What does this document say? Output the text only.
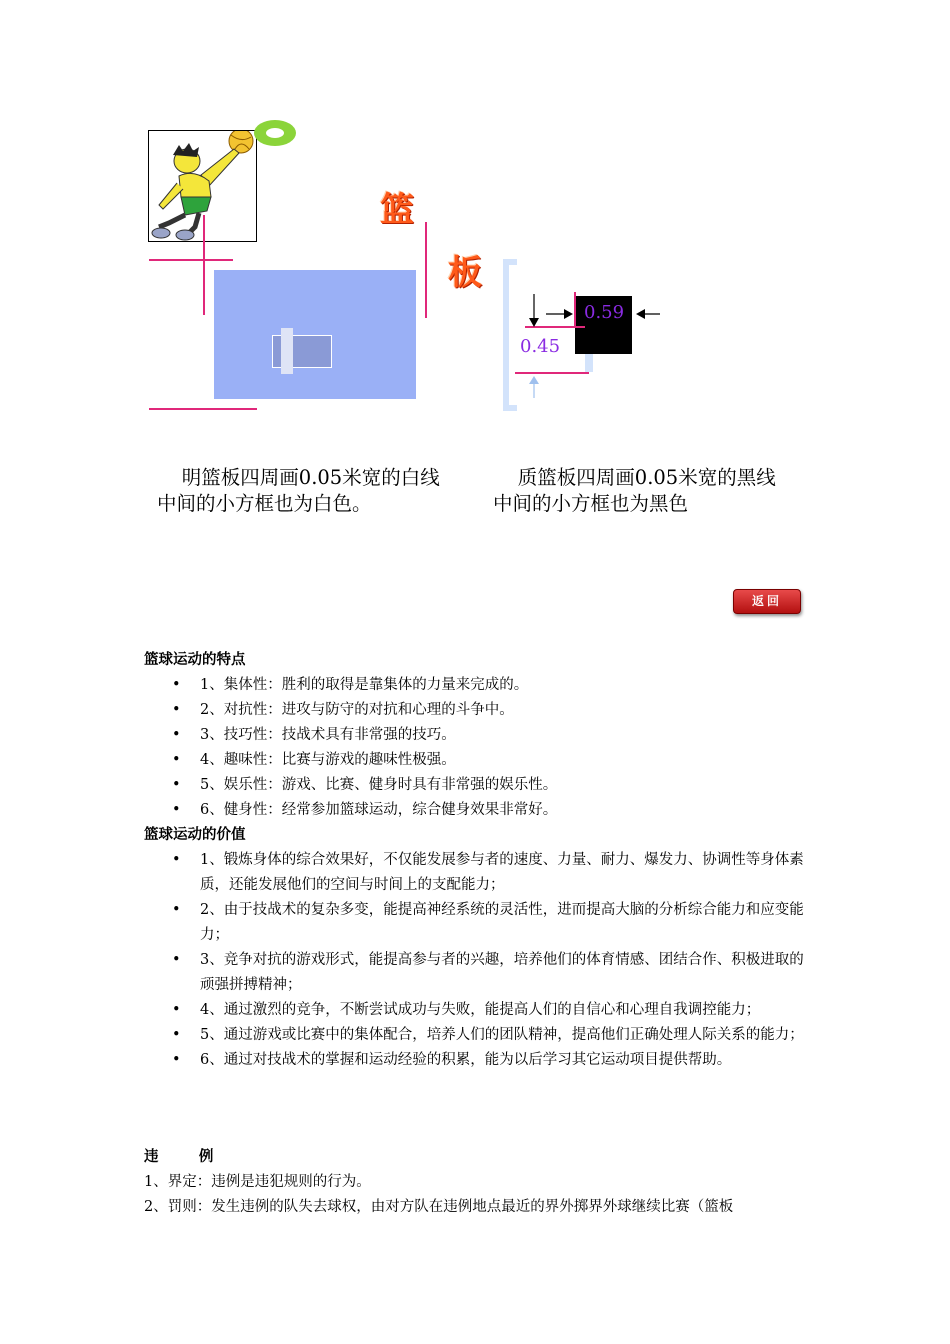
篮
板
0.59
0.45
明篮板四周画0.05米宽的白线
中间的小方框也为白色。
质篮板四周画0.05米宽的黑线
中间的小方框也为黑色
返回
篮球运动的特点
• 1、集体性：胜利的取得是靠集体的力量来完成的。
• 2、对抗性：进攻与防守的对抗和心理的斗争中。
• 3、技巧性：技战术具有非常强的技巧。
• 4、趣味性：比赛与游戏的趣味性极强。
• 5、娱乐性：游戏、比赛、健身时具有非常强的娱乐性。
• 6、健身性：经常参加篮球运动，综合健身效果非常好。
篮球运动的价值
• 1、锻炼身体的综合效果好，不仅能发展参与者的速度、力量、耐力、爆发力、协调性等身体素质，还能发展他们的空间与时间上的支配能力；
• 2、由于技战术的复杂多变，能提高神经系统的灵活性，进而提高大脑的分析综合能力和应变能力；
• 3、竞争对抗的游戏形式，能提高参与者的兴趣，培养他们的体育情感、团结合作、积极进取的顽强拼搏精神；
• 4、通过激烈的竞争，不断尝试成功与失败，能提高人们的自信心和心理自我调控能力；
• 5、通过游戏或比赛中的集体配合，培养人们的团队精神，提高他们正确处理人际关系的能力；
• 6、通过对技战术的掌握和运动经验的积累，能为以后学习其它运动项目提供帮助。
违        例

1、界定：违例是违犯规则的行为。

2、罚则：发生违例的队失去球权，由对方队在违例地点最近的界外掷界外球继续比赛（篮板
